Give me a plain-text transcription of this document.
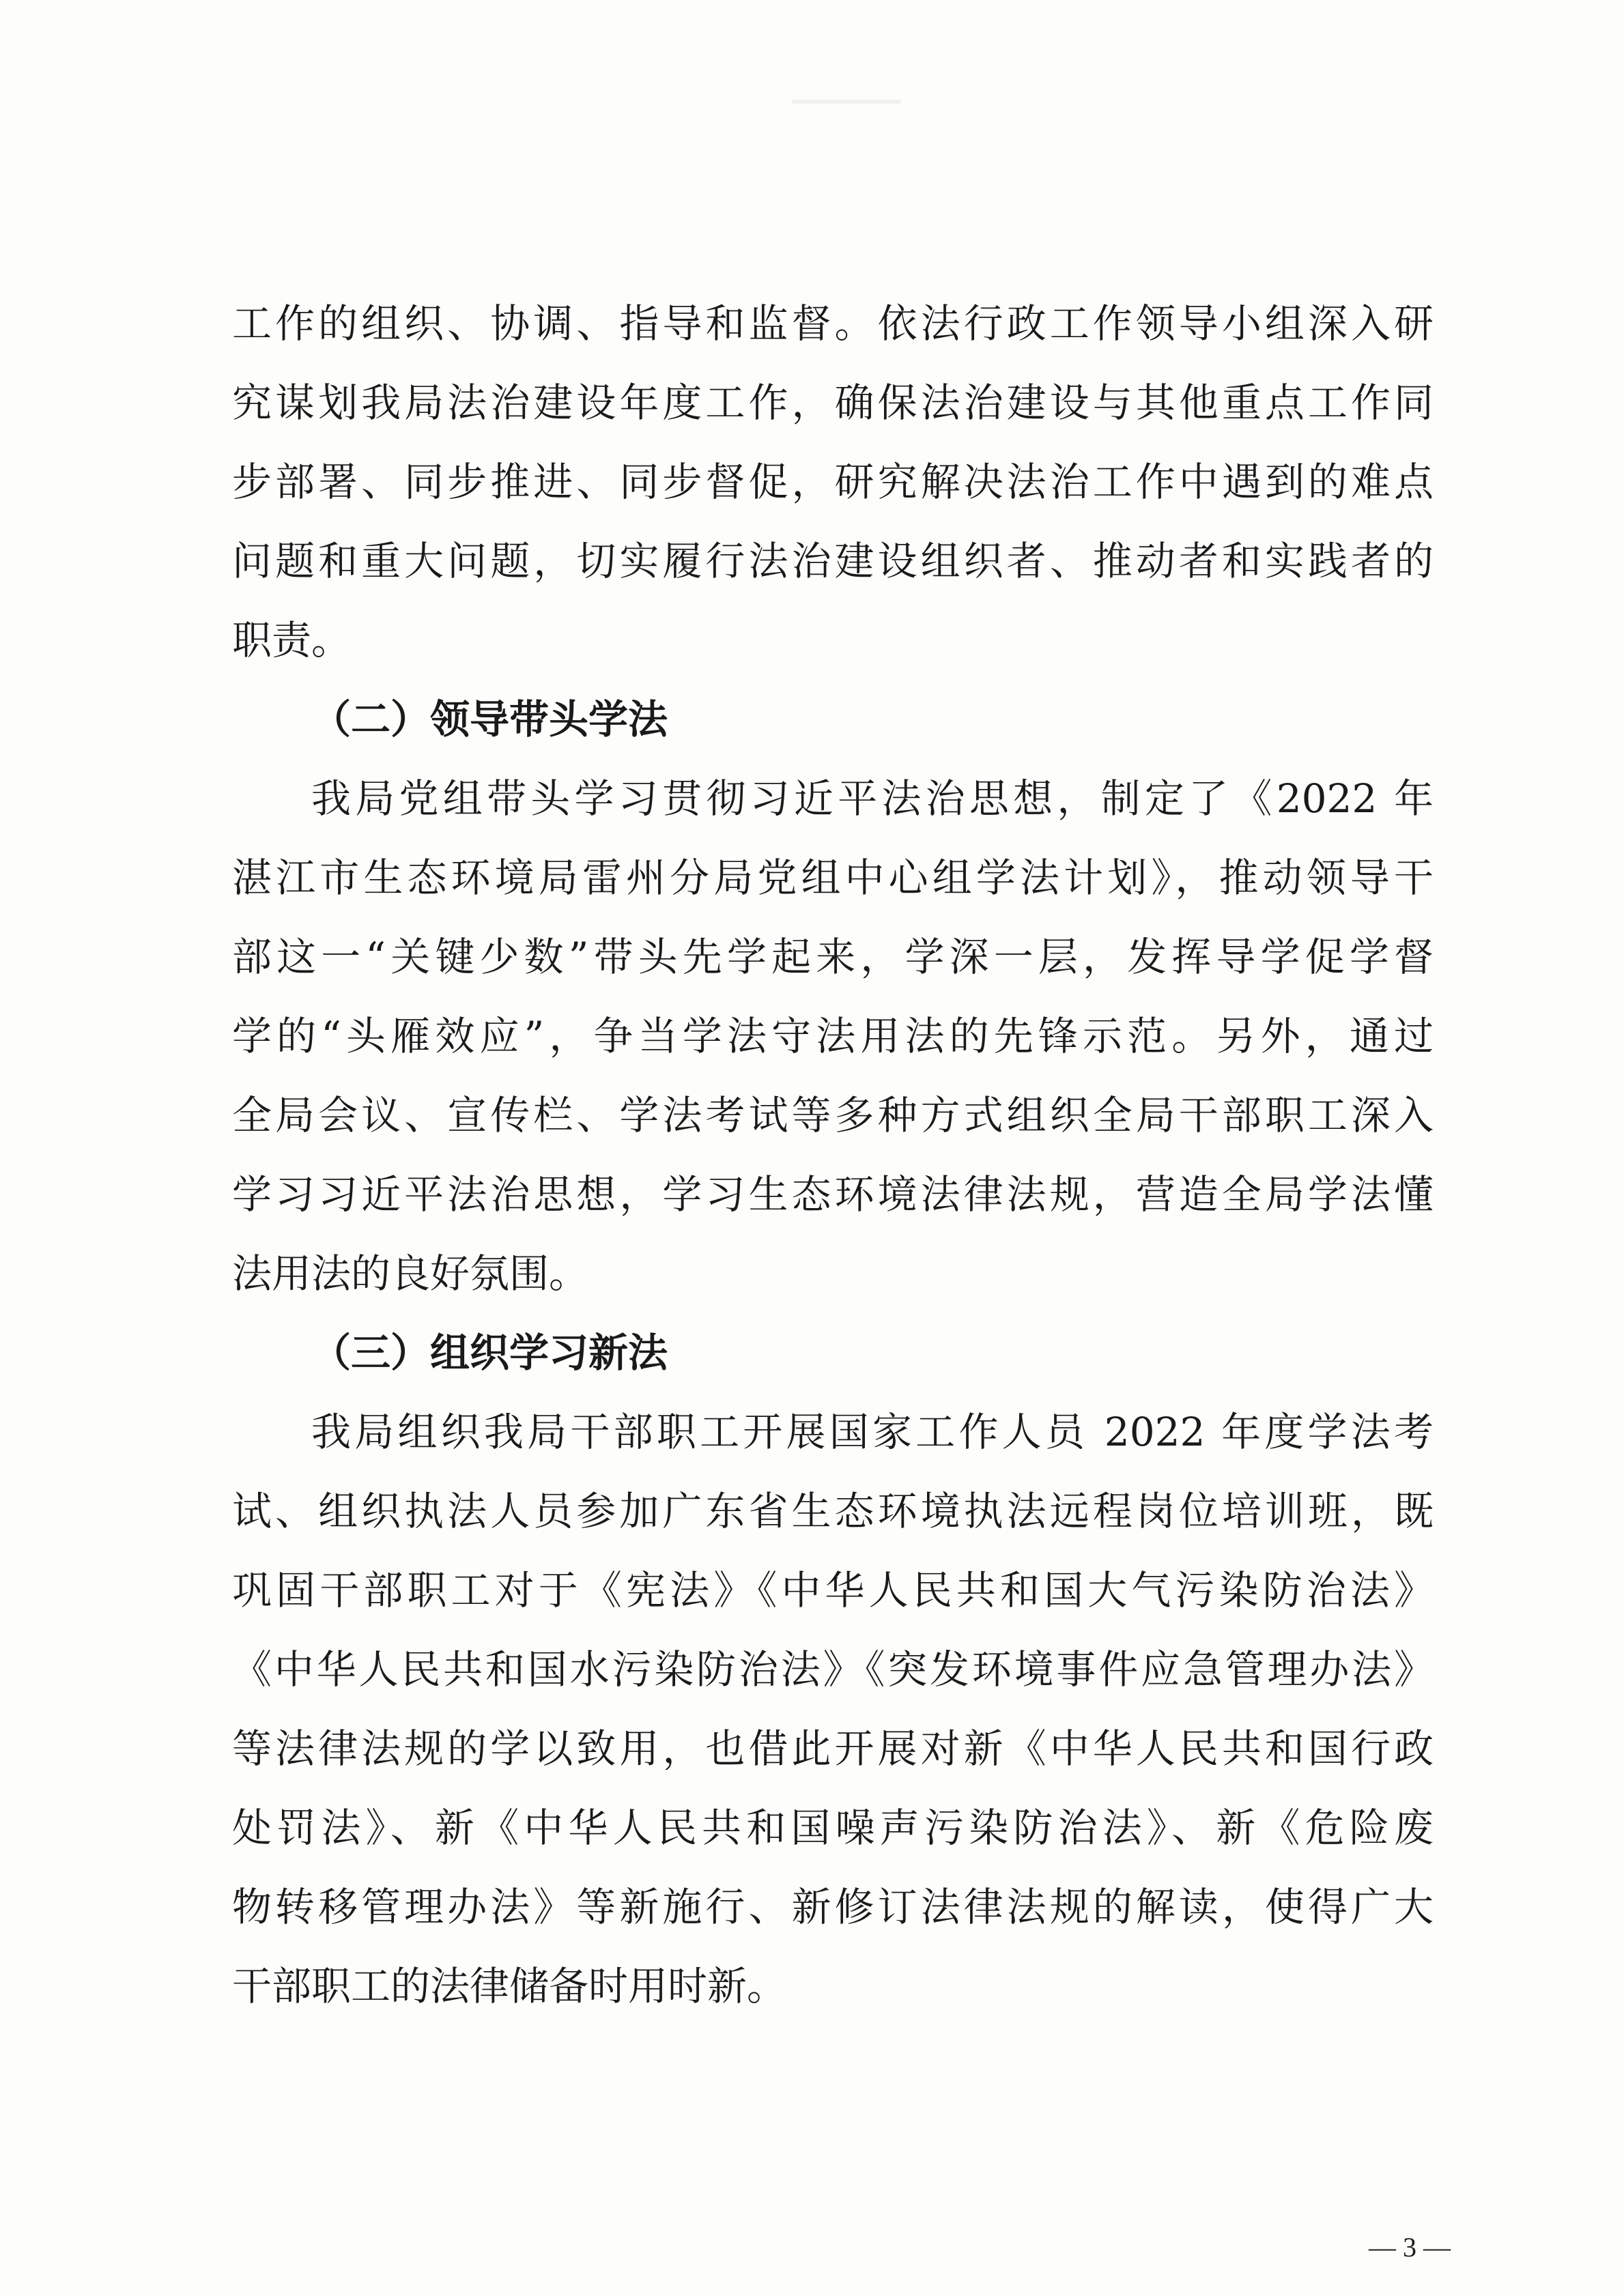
工作的组织、协调、指导和监督。依法行政工作领导小组深入研
究谋划我局法治建设年度工作，确保法治建设与其他重点工作同
步部署、同步推进、同步督促，研究解决法治工作中遇到的难点
问题和重大问题，切实履行法治建设组织者、推动者和实践者的
职责。
（二）领导带头学法
我局党组带头学习贯彻习近平法治思想，制定了《2022 年
湛江市生态环境局雷州分局党组中心组学法计划》，推动领导干
部这一“关键少数”带头先学起来，学深一层，发挥导学促学督
学的“头雁效应”，争当学法守法用法的先锋示范。另外，通过
全局会议、宣传栏、学法考试等多种方式组织全局干部职工深入
学习习近平法治思想，学习生态环境法律法规，营造全局学法懂
法用法的良好氛围。
（三）组织学习新法
我局组织我局干部职工开展国家工作人员 2022 年度学法考
试、组织执法人员参加广东省生态环境执法远程岗位培训班，既
巩固干部职工对于《宪法》《中华人民共和国大气污染防治法》
《中华人民共和国水污染防治法》《突发环境事件应急管理办法》
等法律法规的学以致用，也借此开展对新《中华人民共和国行政
处罚法》、新《中华人民共和国噪声污染防治法》、新《危险废
物转移管理办法》等新施行、新修订法律法规的解读，使得广大
干部职工的法律储备时用时新。
— 3 —
